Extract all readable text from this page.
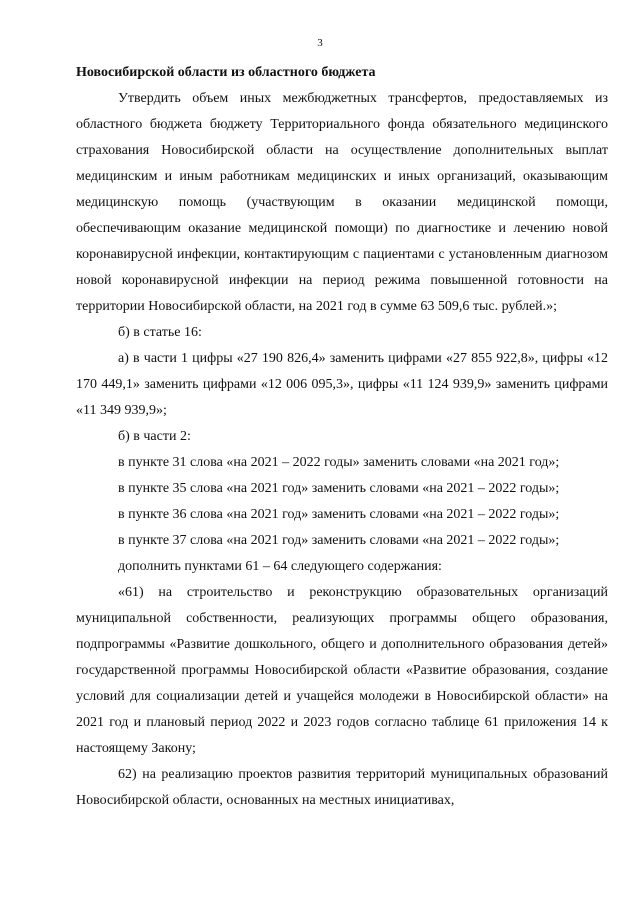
3

Новосибирской области из областного бюджета

Утвердить объем иных межбюджетных трансфертов, предоставляемых из областного бюджета бюджету Территориального фонда обязательного медицинского страхования Новосибирской области на осуществление дополнительных выплат медицинским и иным работникам медицинских и иных организаций, оказывающим медицинскую помощь (участвующим в оказании медицинской помощи, обеспечивающим оказание медицинской помощи) по диагностике и лечению новой коронавирусной инфекции, контактирующим с пациентами с установленным диагнозом новой коронавирусной инфекции на период режима повышенной готовности на территории Новосибирской области, на 2021 год в сумме 63 509,6 тыс. рублей.»;

б) в статье 16:

а) в части 1 цифры «27 190 826,4» заменить цифрами «27 855 922,8», цифры «12 170 449,1» заменить цифрами «12 006 095,3», цифры «11 124 939,9» заменить цифрами «11 349 939,9»;

б) в части 2:

в пункте 31 слова «на 2021 – 2022 годы» заменить словами «на 2021 год»;

в пункте 35 слова «на 2021 год» заменить словами «на 2021 – 2022 годы»;

в пункте 36 слова «на 2021 год» заменить словами «на 2021 – 2022 годы»;

в пункте 37 слова «на 2021 год» заменить словами «на 2021 – 2022 годы»;

дополнить пунктами 61 – 64 следующего содержания:

«61) на строительство и реконструкцию образовательных организаций муниципальной собственности, реализующих программы общего образования, подпрограммы «Развитие дошкольного, общего и дополнительного образования детей» государственной программы Новосибирской области «Развитие образования, создание условий для социализации детей и учащейся молодежи в Новосибирской области» на 2021 год и плановый период 2022 и 2023 годов согласно таблице 61 приложения 14 к настоящему Закону;

62) на реализацию проектов развития территорий муниципальных образований Новосибирской области, основанных на местных инициативах,
